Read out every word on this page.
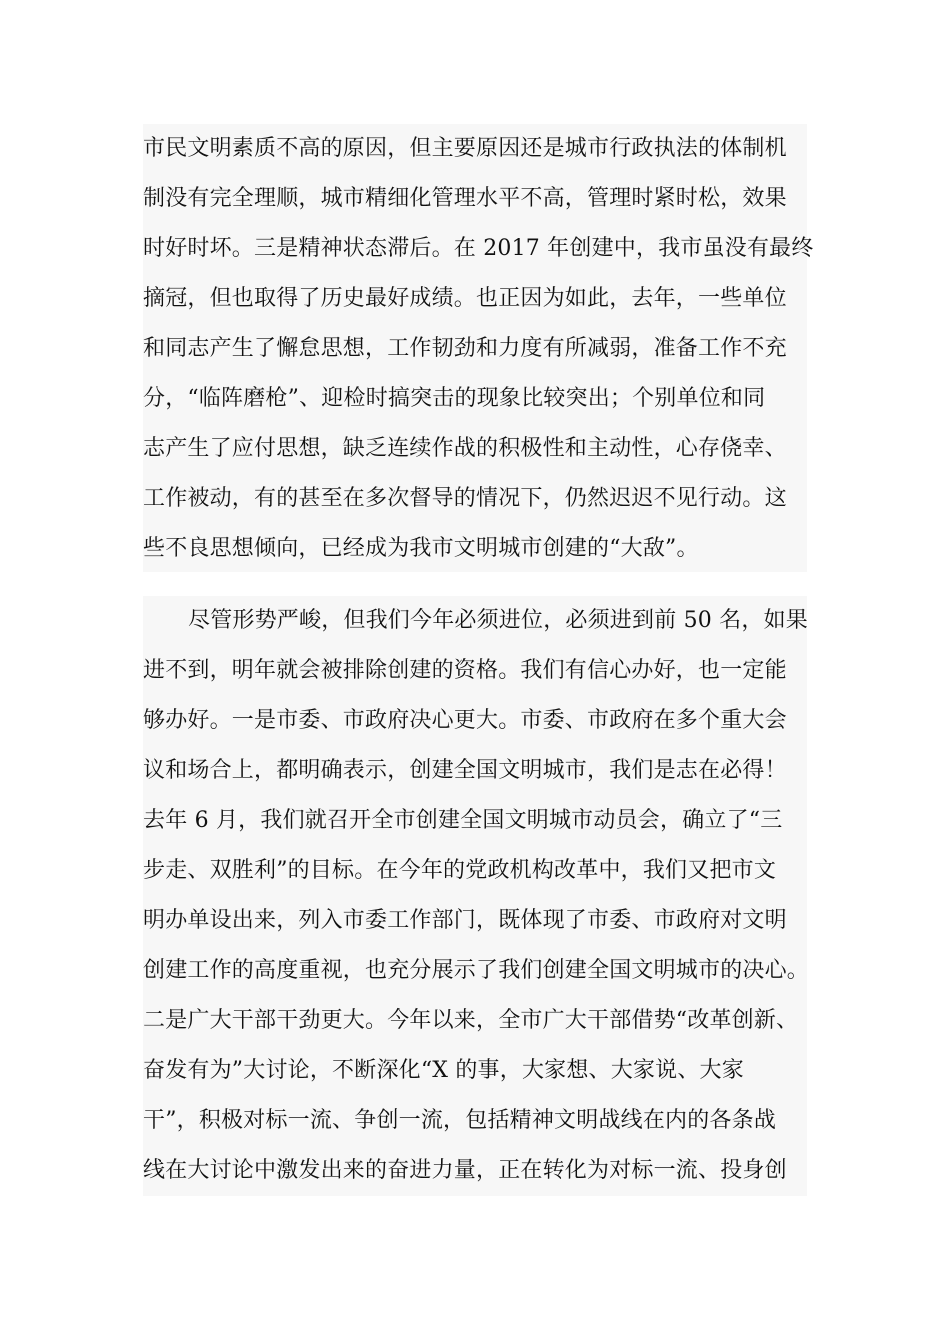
市民文明素质不高的原因，但主要原因还是城市行政执法的体制机
制没有完全理顺，城市精细化管理水平不高，管理时紧时松，效果
时好时坏。三是精神状态滞后。在 2017 年创建中，我市虽没有最终
摘冠，但也取得了历史最好成绩。也正因为如此，去年，一些单位
和同志产生了懈怠思想，工作韧劲和力度有所减弱，准备工作不充
分，“临阵磨枪”、迎检时搞突击的现象比较突出；个别单位和同
志产生了应付思想，缺乏连续作战的积极性和主动性，心存侥幸、
工作被动，有的甚至在多次督导的情况下，仍然迟迟不见行动。这
些不良思想倾向，已经成为我市文明城市创建的“大敌”。
尽管形势严峻，但我们今年必须进位，必须进到前 50 名，如果
进不到，明年就会被排除创建的资格。我们有信心办好，也一定能
够办好。一是市委、市政府决心更大。市委、市政府在多个重大会
议和场合上，都明确表示，创建全国文明城市，我们是志在必得！
去年 6 月，我们就召开全市创建全国文明城市动员会，确立了“三
步走、双胜利”的目标。在今年的党政机构改革中，我们又把市文
明办单设出来，列入市委工作部门，既体现了市委、市政府对文明
创建工作的高度重视，也充分展示了我们创建全国文明城市的决心。
二是广大干部干劲更大。今年以来，全市广大干部借势“改革创新、
奋发有为”大讨论，不断深化“X 的事，大家想、大家说、大家
干”，积极对标一流、争创一流，包括精神文明战线在内的各条战
线在大讨论中激发出来的奋进力量，正在转化为对标一流、投身创
